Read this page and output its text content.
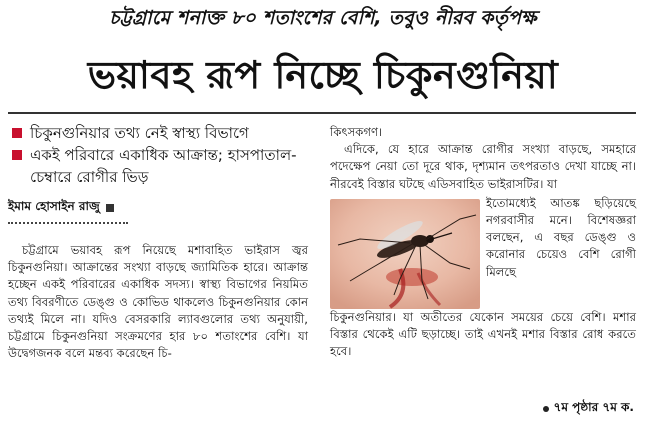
চট্টগ্রামে শনাক্ত ৮০ শতাংশের বেশি, তবুও নীরব কর্তৃপক্ষ
ভয়াবহ রূপ নিচ্ছে চিকুনগুনিয়া
চিকুনগুনিয়ার তথ্য নেই স্বাস্থ্য বিভাগে
একই পরিবারে একাধিক আক্রান্ত; হাসপাতাল-চেম্বারে রোগীর ভিড়
ইমাম হোসাইন রাজু

চট্টগ্রামে ভয়াবহ রূপ নিয়েছে মশাবাহিত ভাইরাস জ্বর চিকুনগুনিয়া। আক্রান্তের সংখ্যা বাড়ছে জ্যামিতিক হারে। আক্রান্ত হচ্ছেন একই পরিবারের একাধিক সদস্য। স্বাস্থ্য বিভাগের নিয়মিত তথ্য বিবরণীতে ডেঙ্গু ও কোভিড থাকলেও চিকুনগুনিয়ার কোন তথ্যই মিলে না। যদিও বেসরকারি ল্যাবগুলোর তথ্য অনুযায়ী, চট্টগ্রামে চিকুনগুনিয়া সংক্রমণের হার ৮০ শতাংশের বেশি। যা উদ্বেগজনক বলে মন্তব্য করেছেন চি-

কিৎসকগণ।

এদিকে, যে হারে আক্রান্ত রোগীর সংখ্যা বাড়ছে, সমহারে পদেক্ষেপ নেয়া তো দূরে থাক, দৃশ্যমান তৎপরতাও দেখা যাচ্ছে না। নীরবেই বিস্তার ঘটছে এডিসবাহিত ভাইরাসটির। যা

ইতোমধ্যেই আতঙ্ক ছড়িয়েছে নগরবাসীর মনে। বিশেষজ্ঞরা বলছেন, এ বছর ডেঙ্গু ও করোনার চেয়েও বেশি রোগী মিলছে

চিকুনগুনিয়ার। যা অতীতের যেকোন সময়ের চেয়ে বেশি। মশার বিস্তার থেকেই এটি ছড়াচ্ছে। তাই এখনই মশার বিস্তার রোধ করতে হবে।

৭ম পৃষ্ঠার ৭ম ক.
